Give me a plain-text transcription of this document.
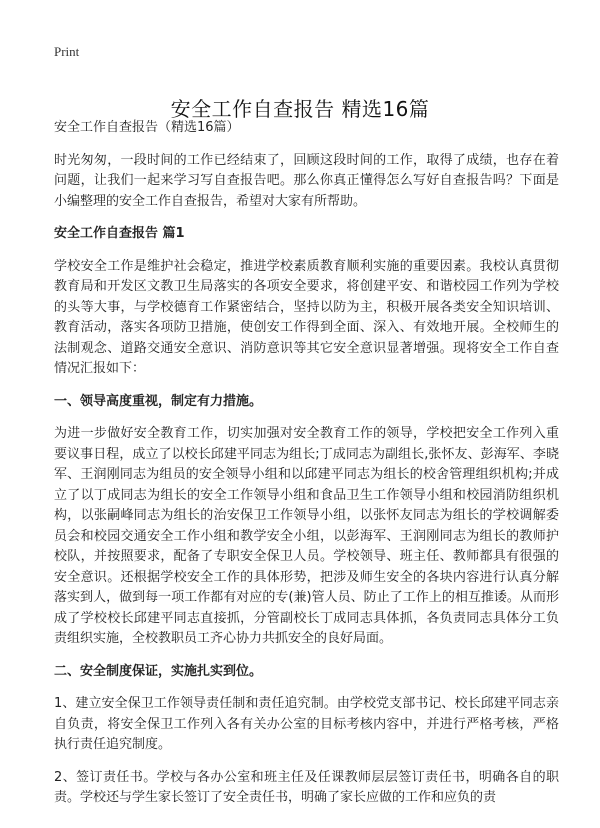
Print
安全工作自查报告 精选16篇

安全工作自查报告（精选16篇）

时光匆匆，一段时间的工作已经结束了，回顾这段时间的工作，取得了成绩，也存在着问题，让我们一起来学习写自查报告吧。那么你真正懂得怎么写好自查报告吗？下面是小编整理的安全工作自查报告，希望对大家有所帮助。

安全工作自查报告 篇1

学校安全工作是维护社会稳定，推进学校素质教育顺利实施的重要因素。我校认真贯彻教育局和开发区文教卫生局落实的各项安全要求，将创建平安、和谐校园工作列为学校的头等大事，与学校德育工作紧密结合，坚持以防为主，积极开展各类安全知识培训、教育活动，落实各项防卫措施，使创安工作得到全面、深入、有效地开展。全校师生的法制观念、道路交通安全意识、消防意识等其它安全意识显著增强。现将安全工作自查情况汇报如下：

一、领导高度重视，制定有力措施。

为进一步做好安全教育工作，切实加强对安全教育工作的领导，学校把安全工作列入重要议事日程，成立了以校长邱建平同志为组长;丁成同志为副组长,张怀友、彭海军、李晓军、王润刚同志为组员的安全领导小组和以邱建平同志为组长的校舍管理组织机构;并成立了以丁成同志为组长的安全工作领导小组和食品卫生工作领导小组和校园消防组织机构，以张嗣峰同志为组长的治安保卫工作领导小组，以张怀友同志为组长的学校调解委员会和校园交通安全工作小组和教学安全小组，以彭海军、王润刚同志为组长的教师护校队，并按照要求，配备了专职安全保卫人员。学校领导、班主任、教师都具有很强的安全意识。还根据学校安全工作的具体形势，把涉及师生安全的各块内容进行认真分解落实到人，做到每一项工作都有对应的专(兼)管人员、防止了工作上的相互推诿。从而形成了学校校长邱建平同志直接抓，分管副校长丁成同志具体抓，各负责同志具体分工负责组织实施，全校教职员工齐心协力共抓安全的良好局面。

二、安全制度保证，实施扎实到位。

1、建立安全保卫工作领导责任制和责任追究制。由学校党支部书记、校长邱建平同志亲自负责，将安全保卫工作列入各有关办公室的目标考核内容中，并进行严格考核，严格执行责任追究制度。

2、签订责任书。学校与各办公室和班主任及任课教师层层签订责任书，明确各自的职责。学校还与学生家长签订了安全责任书，明确了家长应做的工作和应负的责
